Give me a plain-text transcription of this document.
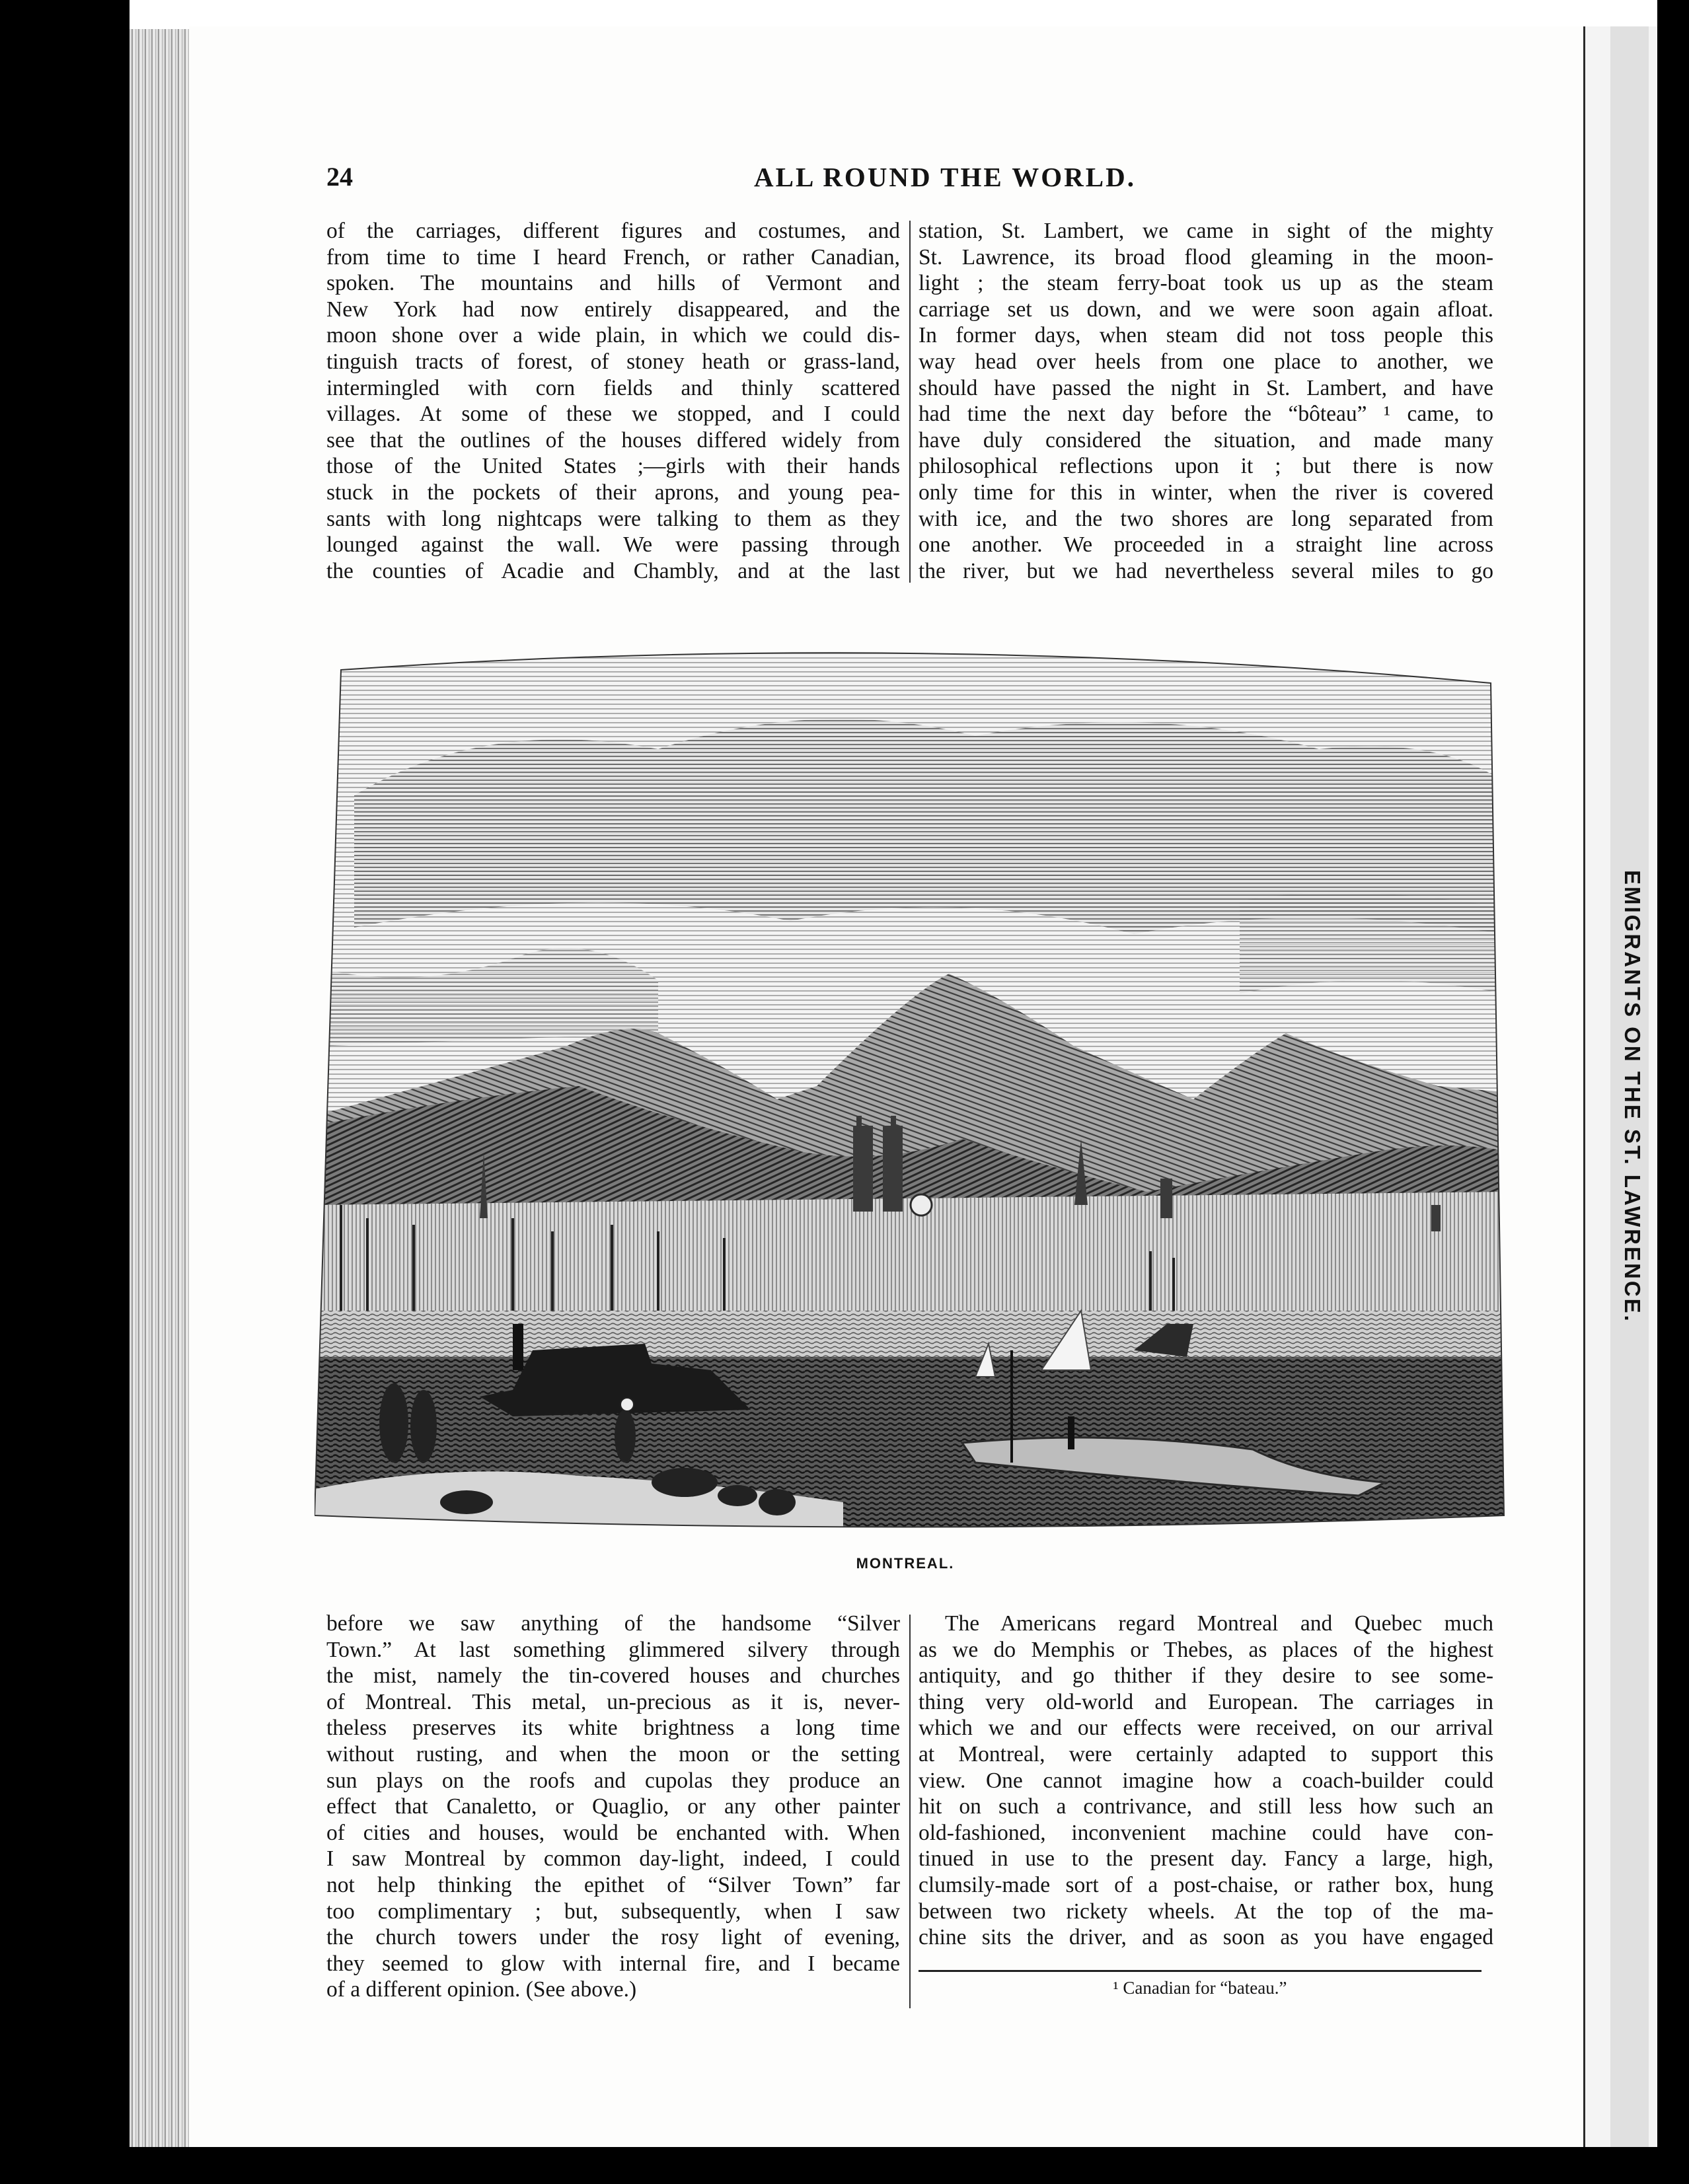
EMIGRANTS ON THE ST. LAWRENCE.
24	ALL ROUND THE WORLD.
of the carriages, different figures and costumes, and
from time to time I heard French, or rather Canadian,
spoken. The mountains and hills of Vermont and
New York had now entirely disappeared, and the
moon shone over a wide plain, in which we could dis-
tinguish tracts of forest, of stoney heath or grass-land,
intermingled with corn fields and thinly scattered
villages. At some of these we stopped, and I could
see that the outlines of the houses differed widely from
those of the United States ;—girls with their hands
stuck in the pockets of their aprons, and young pea-
sants with long nightcaps were talking to them as they
lounged against the wall. We were passing through
the counties of Acadie and Chambly, and at the last
station, St. Lambert, we came in sight of the mighty
St. Lawrence, its broad flood gleaming in the moon-
light ; the steam ferry-boat took us up as the steam
carriage set us down, and we were soon again afloat.
In former days, when steam did not toss people this
way head over heels from one place to another, we
should have passed the night in St. Lambert, and have
had time the next day before the “bôteau” ¹ came, to
have duly considered the situation, and made many
philosophical reflections upon it ; but there is now
only time for this in winter, when the river is covered
with ice, and the two shores are long separated from
one another. We proceeded in a straight line across
the river, but we had nevertheless several miles to go
MONTREAL.
before we saw anything of the handsome “Silver
Town.” At last something glimmered silvery through
the mist, namely the tin-covered houses and churches
of Montreal. This metal, un-precious as it is, never-
theless preserves its white brightness a long time
without rusting, and when the moon or the setting
sun plays on the roofs and cupolas they produce an
effect that Canaletto, or Quaglio, or any other painter
of cities and houses, would be enchanted with. When
I saw Montreal by common day-light, indeed, I could
not help thinking the epithet of “Silver Town” far
too complimentary ; but, subsequently, when I saw
the church towers under the rosy light of evening,
they seemed to glow with internal fire, and I became
of a different opinion. (See above.)
The Americans regard Montreal and Quebec much
as we do Memphis or Thebes, as places of the highest
antiquity, and go thither if they desire to see some-
thing very old-world and European. The carriages in
which we and our effects were received, on our arrival
at Montreal, were certainly adapted to support this
view. One cannot imagine how a coach-builder could
hit on such a contrivance, and still less how such an
old-fashioned, inconvenient machine could have con-
tinued in use to the present day. Fancy a large, high,
clumsily-made sort of a post-chaise, or rather box, hung
between two rickety wheels. At the top of the ma-
chine sits the driver, and as soon as you have engaged
¹ Canadian for “bateau.”
